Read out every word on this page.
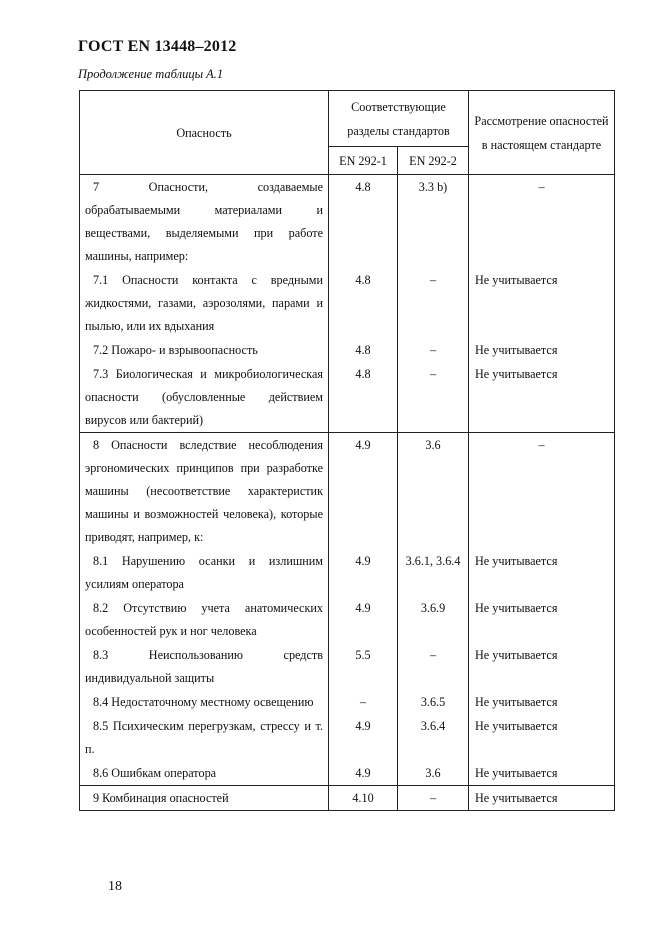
ГОСТ EN 13448–2012
Продолжение таблицы А.1
Опасность	Соответствующие разделы стандартов		Рассмотрение опасностей в настоящем стандарте
	EN 292-1	EN 292-2	
7 Опасности, создаваемые обрабатываемыми материалами и веществами, выделяемыми при работе машины, например:	4.8	3.3 b)	–
7.1 Опасности контакта с вредными жидкостями, газами, аэрозолями, парами и пылью, или их вдыхания	4.8	–	Не учитывается
7.2 Пожаро- и взрывоопасность	4.8	–	Не учитывается
7.3 Биологическая и микробиологическая опасности (обусловленные действием вирусов или бактерий)	4.8	–	Не учитывается
8 Опасности вследствие несоблюдения эргономических принципов при разработке машины (несоответствие характеристик машины и возможностей человека), которые приводят, например, к:	4.9	3.6	–
8.1 Нарушению осанки и излишним усилиям оператора	4.9	3.6.1, 3.6.4	Не учитывается
8.2 Отсутствию учета анатомических особенностей рук и ног человека	4.9	3.6.9	Не учитывается
8.3 Неиспользованию средств индивидуальной защиты	5.5	–	Не учитывается
8.4 Недостаточному местному освещению	–	3.6.5	Не учитывается
8.5 Психическим перегрузкам, стрессу и т. п.	4.9	3.6.4	Не учитывается
8.6 Ошибкам оператора	4.9	3.6	Не учитывается
9 Комбинация опасностей	4.10	–	Не учитывается
18
